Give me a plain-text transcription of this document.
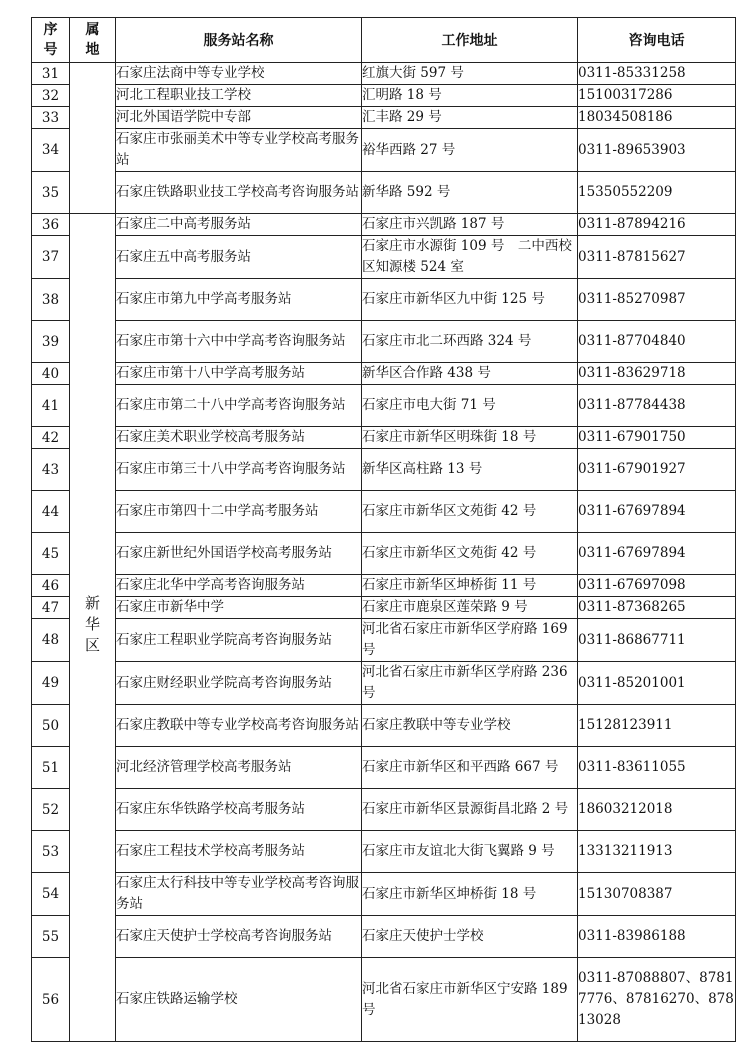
序号	属地	服务站名称	工作地址	咨询电话
31		石家庄法商中等专业学校	红旗大街 597 号	0311-85331258

32		河北工程职业技工学校	汇明路 18 号	15100317286

33		河北外国语学院中专部	汇丰路 29 号	18034508186

34		石家庄市张丽美术中等专业学校高考服务站	裕华西路 27 号	0311-89653903

35		石家庄铁路职业技工学校高考咨询服务站	新华路 592 号	15350552209

36	新华区	石家庄二中高考服务站	石家庄市兴凯路 187 号	0311-87894216

37		石家庄五中高考服务站	石家庄市水源街 109 号　二中西校区知源楼 524 室	0311-87815627

38		石家庄市第九中学高考服务站	石家庄市新华区九中街 125 号	0311-85270987

39		石家庄市第十六中中学高考咨询服务站	石家庄市北二环西路 324 号	0311-87704840

40		石家庄市第十八中学高考服务站	新华区合作路 438 号	0311-83629718

41		石家庄市第二十八中学高考咨询服务站	石家庄市电大街 71 号	0311-87784438

42		石家庄美术职业学校高考服务站	石家庄市新华区明珠街 18 号	0311-67901750

43		石家庄市第三十八中学高考咨询服务站	新华区高柱路 13 号	0311-67901927

44		石家庄市第四十二中学高考服务站	石家庄市新华区文苑街 42 号	0311-67697894

45		石家庄新世纪外国语学校高考服务站	石家庄市新华区文苑街 42 号	0311-67697894

46		石家庄北华中学高考咨询服务站	石家庄市新华区坤桥街 11 号	0311-67697098

47		石家庄市新华中学	石家庄市鹿泉区莲荣路 9 号	0311-87368265

48		石家庄工程职业学院高考咨询服务站	河北省石家庄市新华区学府路 169 号	0311-86867711

49		石家庄财经职业学院高考咨询服务站	河北省石家庄市新华区学府路 236 号	0311-85201001

50		石家庄教联中等专业学校高考咨询服务站	石家庄教联中等专业学校	15128123911

51		河北经济管理学校高考服务站	石家庄市新华区和平西路 667 号	0311-83611055

52		石家庄东华铁路学校高考服务站	石家庄市新华区景源街昌北路 2 号	18603212018

53		石家庄工程技术学校高考服务站	石家庄市友谊北大街飞翼路 9 号	13313211913

54		石家庄太行科技中等专业学校高考咨询服务站	石家庄市新华区坤桥街 18 号	15130708387

55		石家庄天使护士学校高考咨询服务站	石家庄天使护士学校	0311-83986188

56		石家庄铁路运输学校	河北省石家庄市新华区宁安路 189 号	0311-87088807、87817776、87816270、87813028
